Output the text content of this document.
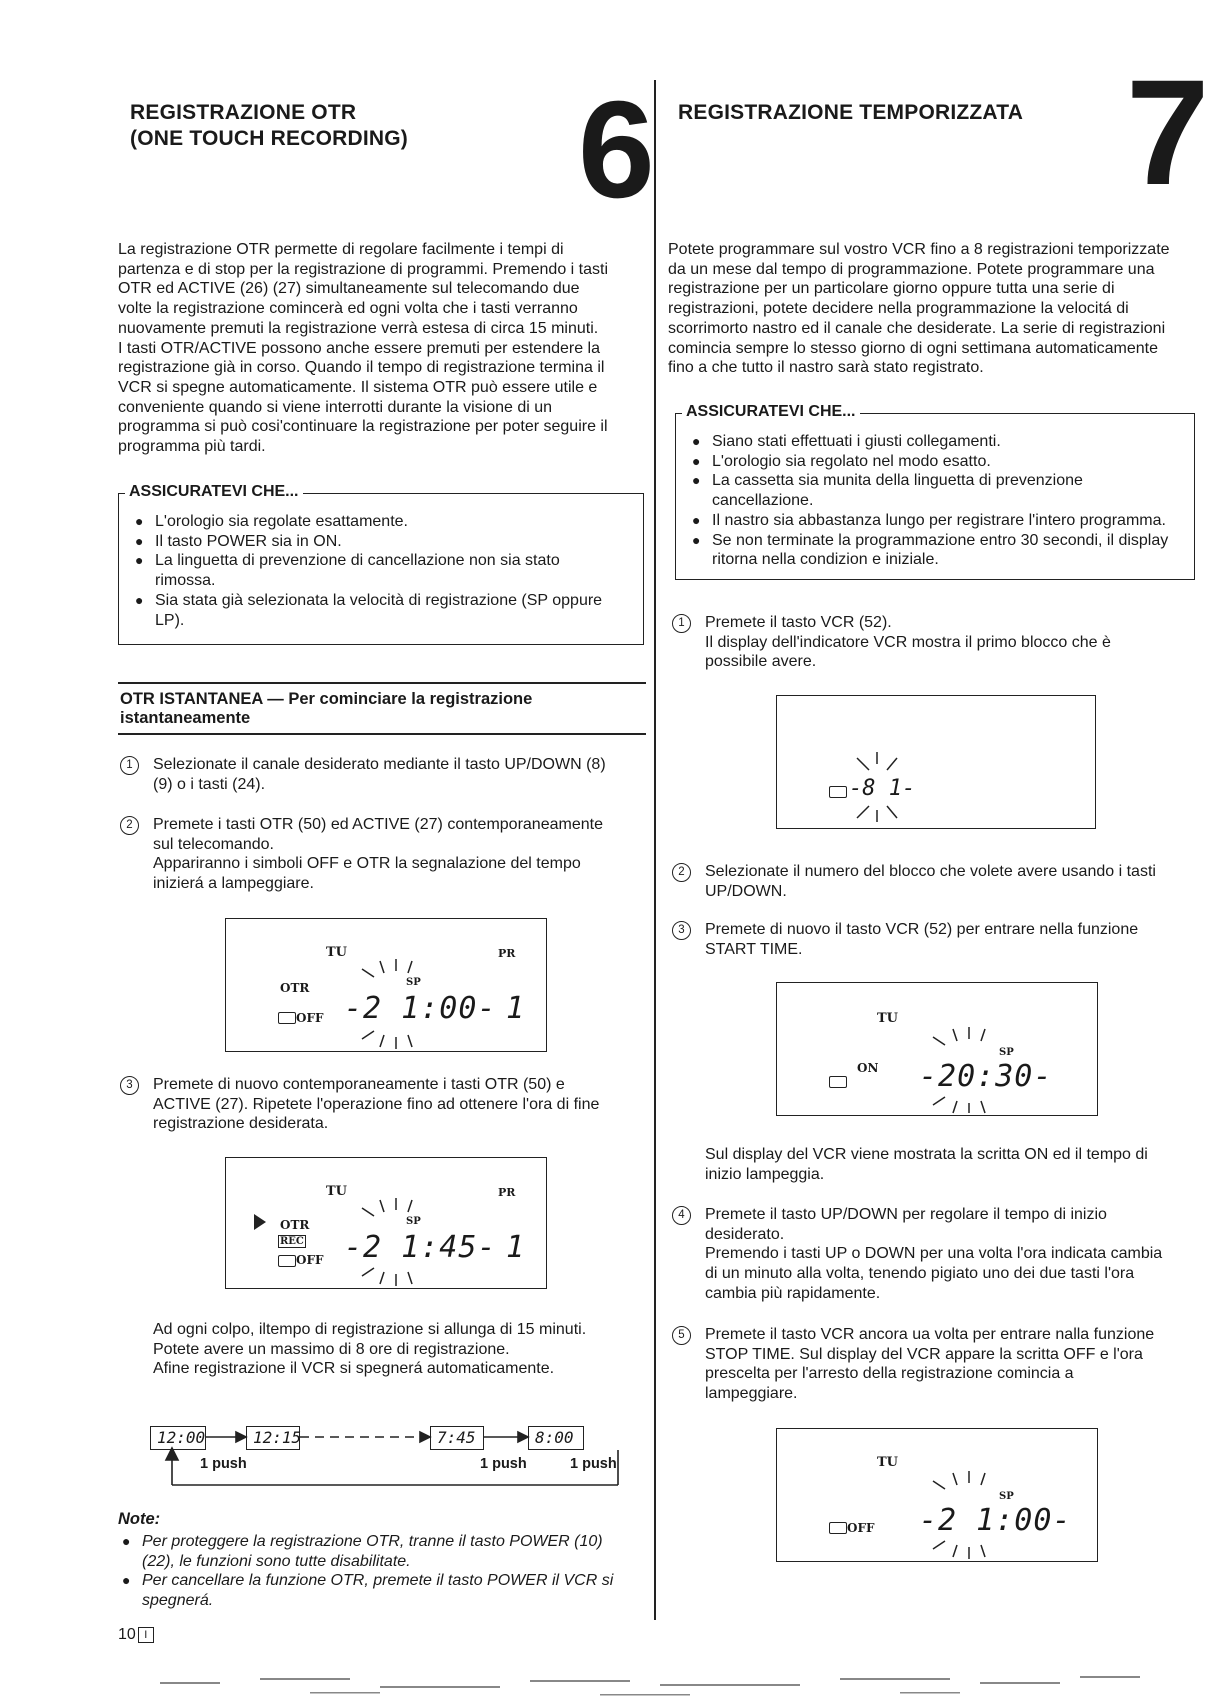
REGISTRAZIONE OTR
(ONE TOUCH RECORDING) 6
La registrazione OTR permette di regolare facilmente i tempi di
partenza e di stop per la registrazione di programmi. Premendo i tasti
OTR ed ACTIVE (26) (27) simultaneamente sul telecomando due
volte la registrazione comincerà ed ogni volta che i tasti verranno
nuovamente premuti la registrazione verrà estesa di circa 15 minuti.
I tasti OTR/ACTIVE possono anche essere premuti per estendere la
registrazione già in corso. Quando il tempo di registrazione termina il
VCR si spegne automaticamente. Il sistema OTR può essere utile e
conveniente quando si viene interrotti durante la visione di un
programma si può cosi'continuare la registrazione per poter seguire il
programma più tardi.
ASSICURATEVI CHE...
● L'orologio sia regolate esattamente.
● Il tasto POWER sia in ON.
● La linguetta di prevenzione di cancellazione non sia stato
rimossa.
● Sia stata già selezionata la velocità di registrazione (SP oppure
LP).
OTR ISTANTANEA — Per cominciare la registrazione
istantaneamente
1	Selezionate il canale desiderato mediante il tasto UP/DOWN (8)
(9) o i tasti (24).
2	Premete i tasti OTR (50) ed ACTIVE (27) contemporaneamente
sul telecomando.
Appariranno i simboli OFF e OTR la segnalazione del tempo
inizierá a lampeggiare.
TU	PR
OTR
OFF
SP
-2 1:00- 1
3	Premete di nuovo contemporaneamente i tasti OTR (50) e
ACTIVE (27). Ripetete l'operazione fino ad ottenere l'ora di fine
registrazione desiderata.
TU	PR
OTR
REC
OFF
SP
-2 1:45- 1
Ad ogni colpo, iltempo di registrazione si allunga di 15 minuti.
Potete avere un massimo di 8 ore di registrazione.
Afine registrazione il VCR si spegnerá automaticamente.
12:00	12:15	7:45	8:00
1 push	1 push	1 push
Note:
● Per proteggere la registrazione OTR, tranne il tasto POWER (10)
(22), le funzioni sono tutte disabilitate.
● Per cancellare la funzione OTR, premete il tasto POWER il VCR si
spegnerá.
10 I
REGISTRAZIONE TEMPORIZZATA 7
Potete programmare sul vostro VCR fino a 8 registrazioni temporizzate
da un mese dal tempo di programmazione. Potete programmare una
registrazione per un particolare giorno oppure tutta una serie di
registrazioni, potete decidere nella programmazione la velocitá di
scorrimorto nastro ed il canale che desiderate. La serie di registrazioni
comincia sempre lo stesso giorno di ogni settimana automaticamente
fino a che tutto il nastro sarà stato registrato.
ASSICURATEVI CHE...
● Siano stati effettuati i giusti collegamenti.
● L'orologio sia regolato nel modo esatto.
● La cassetta sia munita della linguetta di prevenzione
cancellazione.
● Il nastro sia abbastanza lungo per registrare l'intero programma.
● Se non terminate la programmazione entro 30 secondi, il display
ritorna nella condizion e iniziale.
1	Premete il tasto VCR (52).
Il display dell'indicatore VCR mostra il primo blocco che è
possibile avere.
-8 1-
2	Selezionate il numero del blocco che volete avere usando i tasti
UP/DOWN.
3	Premete di nuovo il tasto VCR (52) per entrare nella funzione
START TIME.
TU
ON
SP
-20:30-
Sul display del VCR viene mostrata la scritta ON ed il tempo di
inizio lampeggia.
4	Premete il tasto UP/DOWN per regolare il tempo di inizio
desiderato.
Premendo i tasti UP o DOWN per una volta l'ora indicata cambia
di un minuto alla volta, tenendo pigiato uno dei due tasti l'ora
cambia più rapidamente.
5	Premete il tasto VCR ancora ua volta per entrare nalla funzione
STOP TIME. Sul display del VCR appare la scritta OFF e l'ora
prescelta per l'arresto della registrazione comincia a
lampeggiare.
TU
OFF
SP
-2 1:00-
